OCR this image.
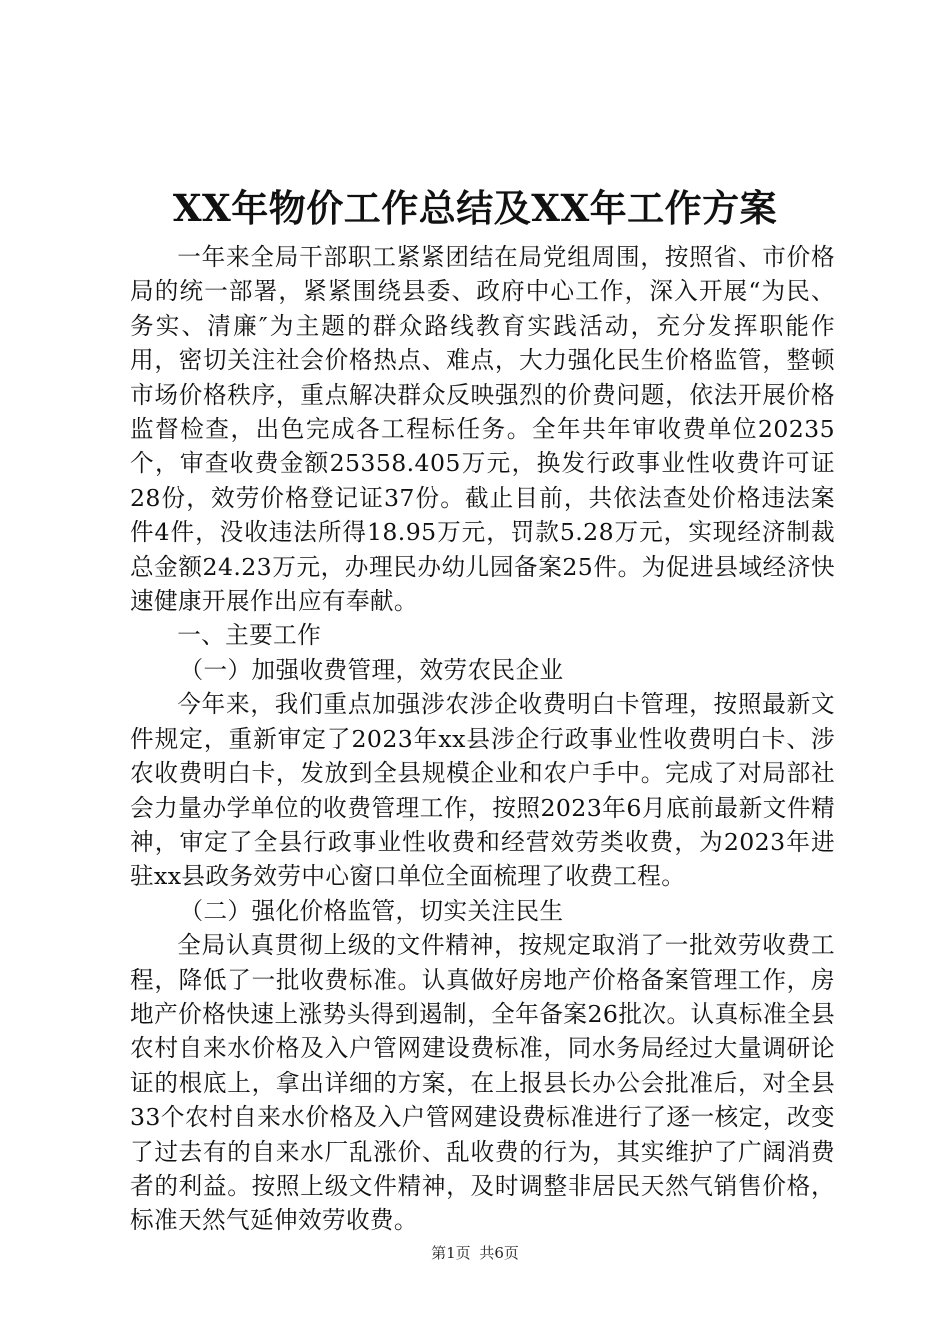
XX年物价工作总结及XX年工作方案

一年来全局干部职工紧紧团结在局党组周围，按照省、市价格局的统一部署，紧紧围绕县委、政府中心工作，深入开展“为民、务实、清廉″为主题的群众路线教育实践活动，充分发挥职能作用，密切关注社会价格热点、难点，大力强化民生价格监管，整顿市场价格秩序，重点解决群众反映强烈的价费问题，依法开展价格监督检查，出色完成各工程标任务。全年共年审收费单位20235个，审查收费金额25358.405万元，换发行政事业性收费许可证28份，效劳价格登记证37份。截止目前，共依法查处价格违法案件4件，没收违法所得18.95万元，罚款5.28万元，实现经济制裁总金额24.23万元，办理民办幼儿园备案25件。为促进县域经济快速健康开展作出应有奉献。

一、主要工作

（一）加强收费管理，效劳农民企业

今年来，我们重点加强涉农涉企收费明白卡管理，按照最新文件规定，重新审定了2023年xx县涉企行政事业性收费明白卡、涉农收费明白卡，发放到全县规模企业和农户手中。完成了对局部社会力量办学单位的收费管理工作，按照2023年6月底前最新文件精神，审定了全县行政事业性收费和经营效劳类收费，为2023年进驻xx县政务效劳中心窗口单位全面梳理了收费工程。

（二）强化价格监管，切实关注民生

全局认真贯彻上级的文件精神，按规定取消了一批效劳收费工程，降低了一批收费标准。认真做好房地产价格备案管理工作，房地产价格快速上涨势头得到遏制，全年备案26批次。认真标准全县农村自来水价格及入户管网建设费标准，同水务局经过大量调研论证的根底上，拿出详细的方案，在上报县长办公会批准后，对全县33个农村自来水价格及入户管网建设费标准进行了逐一核定，改变了过去有的自来水厂乱涨价、乱收费的行为，其实维护了广阔消费者的利益。按照上级文件精神，及时调整非居民天然气销售价格，标准天然气延伸效劳收费。

第1页 共6页
